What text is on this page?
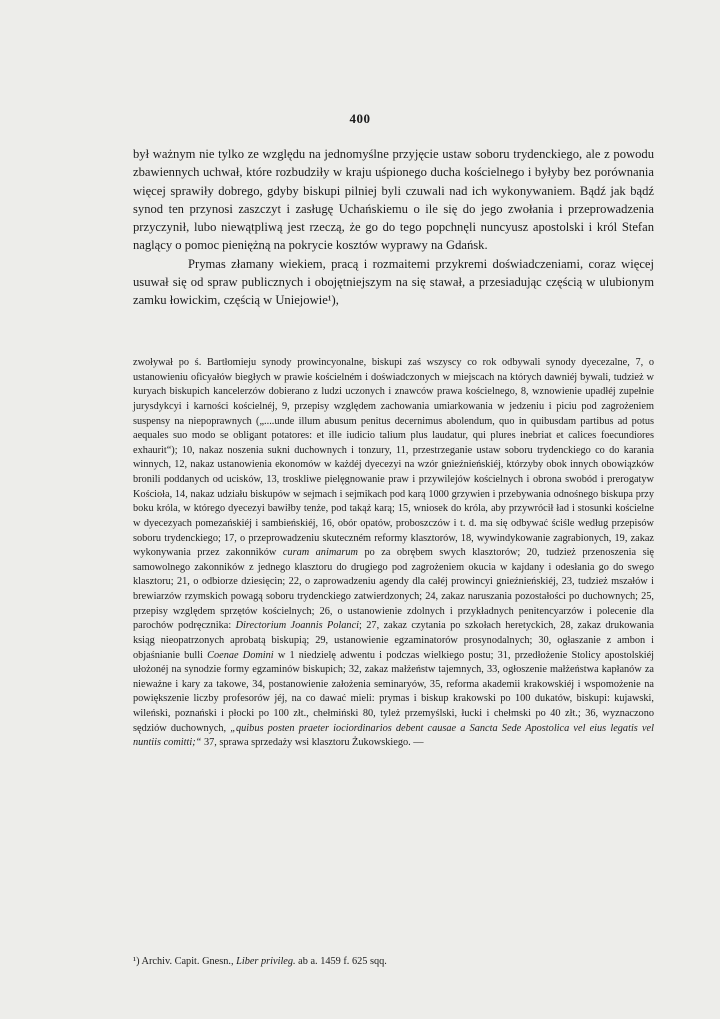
400

był ważnym nie tylko ze względu na jednomyślne przyjęcie ustaw soboru trydenckiego, ale z powodu zbawiennych uchwał, które rozbudziły w kraju uśpionego ducha kościelnego i byłyby bez porównania więcej sprawiły dobrego, gdyby biskupi pilniej byli czuwali nad ich wykonywaniem. Bądź jak bądź synod ten przynosi zaszczyt i zasługę Uchańskiemu o ile się do jego zwołania i przeprowadzenia przyczynił, lubo niewątpliwą jest rzeczą, że go do tego popchnęli nuncyusz apostolski i król Stefan naglący o pomoc pieniężną na pokrycie kosztów wyprawy na Gdańsk.

Prymas złamany wiekiem, pracą i rozmaitemi przykremi doświadczeniami, coraz więcej usuwał się od spraw publicznych i obojętniejszym na się stawał, a przesiadując częścią w ulubionym zamku łowickim, częścią w Uniejowie¹),

zwoływał po ś. Bartłomieju synody prowincyonalne, biskupi zaś wszyscy co rok odbywali synody dyecezalne, 7, o ustanowieniu oficyałów biegłych w prawie kościelném i doświadczonych w miejscach na których dawniéj bywali, tudzież w kuryach biskupich kancelerzów dobierano z ludzi uczonych i znawców prawa kościelnego, 8, wznowienie upadłéj zupełnie jurysdykcyi i karności kościelnéj, 9, przepisy względem zachowania umiarkowania w jedzeniu i piciu pod zagrożeniem suspensy na niepoprawnych („....unde illum abusum penitus decernimus abolendum, quo in quibusdam partibus ad potus aequales suo modo se obligant potatores: et ille iudicio talium plus laudatur, qui plures inebriat et calices foecundiores exhaurit“); 10, nakaz noszenia sukni duchownych i tonzury, 11, przestrzeganie ustaw soboru trydenckiego co do karania winnych, 12, nakaz ustanowienia ekonomów w każdéj dyecezyi na wzór gnieźnieńskiéj, którzyby obok innych obowiązków bronili poddanych od ucisków, 13, troskliwe pielęgnowanie praw i przywilejów kościelnych i obrona swobód i prerogatyw Kościoła, 14, nakaz udziału biskupów w sejmach i sejmikach pod karą 1000 grzywien i przebywania odnośnego biskupa przy boku króla, w którego dyecezyi bawiłby tenże, pod takąż karą; 15, wniosek do króla, aby przywrócił ład i stosunki kościelne w dyecezyach pomezańskiéj i sambieńskiéj, 16, obór opatów, proboszczów i t. d. ma się odbywać ściśle według przepisów soboru trydenckiego; 17, o przeprowadzeniu skuteczném reformy klasztorów, 18, wywindykowanie zagrabionych, 19, zakaz wykonywania przez zakonników curam animarum po za obrębem swych klasztorów; 20, tudzież przenoszenia się samowolnego zakonników z jednego klasztoru do drugiego pod zagrożeniem okucia w kajdany i odesłania go do swego klasztoru; 21, o odbiorze dziesięcin; 22, o zaprowadzeniu agendy dla całéj prowincyi gnieźnieńskiéj, 23, tudzież mszałów i brewiarzów rzymskich powagą soboru trydenckiego zatwierdzonych; 24, zakaz naruszania pozostałości po duchownych; 25, przepisy względem sprzętów kościelnych; 26, o ustanowienie zdolnych i przykładnych penitencyarzów i polecenie dla parochów podręcznika: Directorium Joannis Polanci; 27, zakaz czytania po szkołach heretyckich, 28, zakaz drukowania ksiąg nieopatrzonych aprobatą biskupią; 29, ustanowienie egzaminatorów prosynodalnych; 30, ogłaszanie z ambon i objaśnianie bulli Coenae Domini w 1 niedzielę adwentu i podczas wielkiego postu; 31, przedłożenie Stolicy apostolskiéj ułożonéj na synodzie formy egzaminów biskupich; 32, zakaz małżeństw tajemnych, 33, ogłoszenie małżeństwa kapłanów za nieważne i kary za takowe, 34, postanowienie założenia seminaryów, 35, reforma akademii krakowskiéj i wspomożenie na powiększenie liczby profesorów jéj, na co dawać mieli: prymas i biskup krakowski po 100 dukatów, biskupi: kujawski, wileński, poznański i płocki po 100 złt., chełmiński 80, tyleż przemyślski, łucki i chełmski po 40 złt.; 36, wyznaczono sędziów duchownych, „quibus posten praeter iociordinarios debent causae a Sancta Sede Apostolica vel eius legatis vel nuntiis comitti;“ 37, sprawa sprzedaży wsi klasztoru Żukowskiego. —

¹) Archiv. Capit. Gnesn., Liber privileg. ab a. 1459 f. 625 sqq.
